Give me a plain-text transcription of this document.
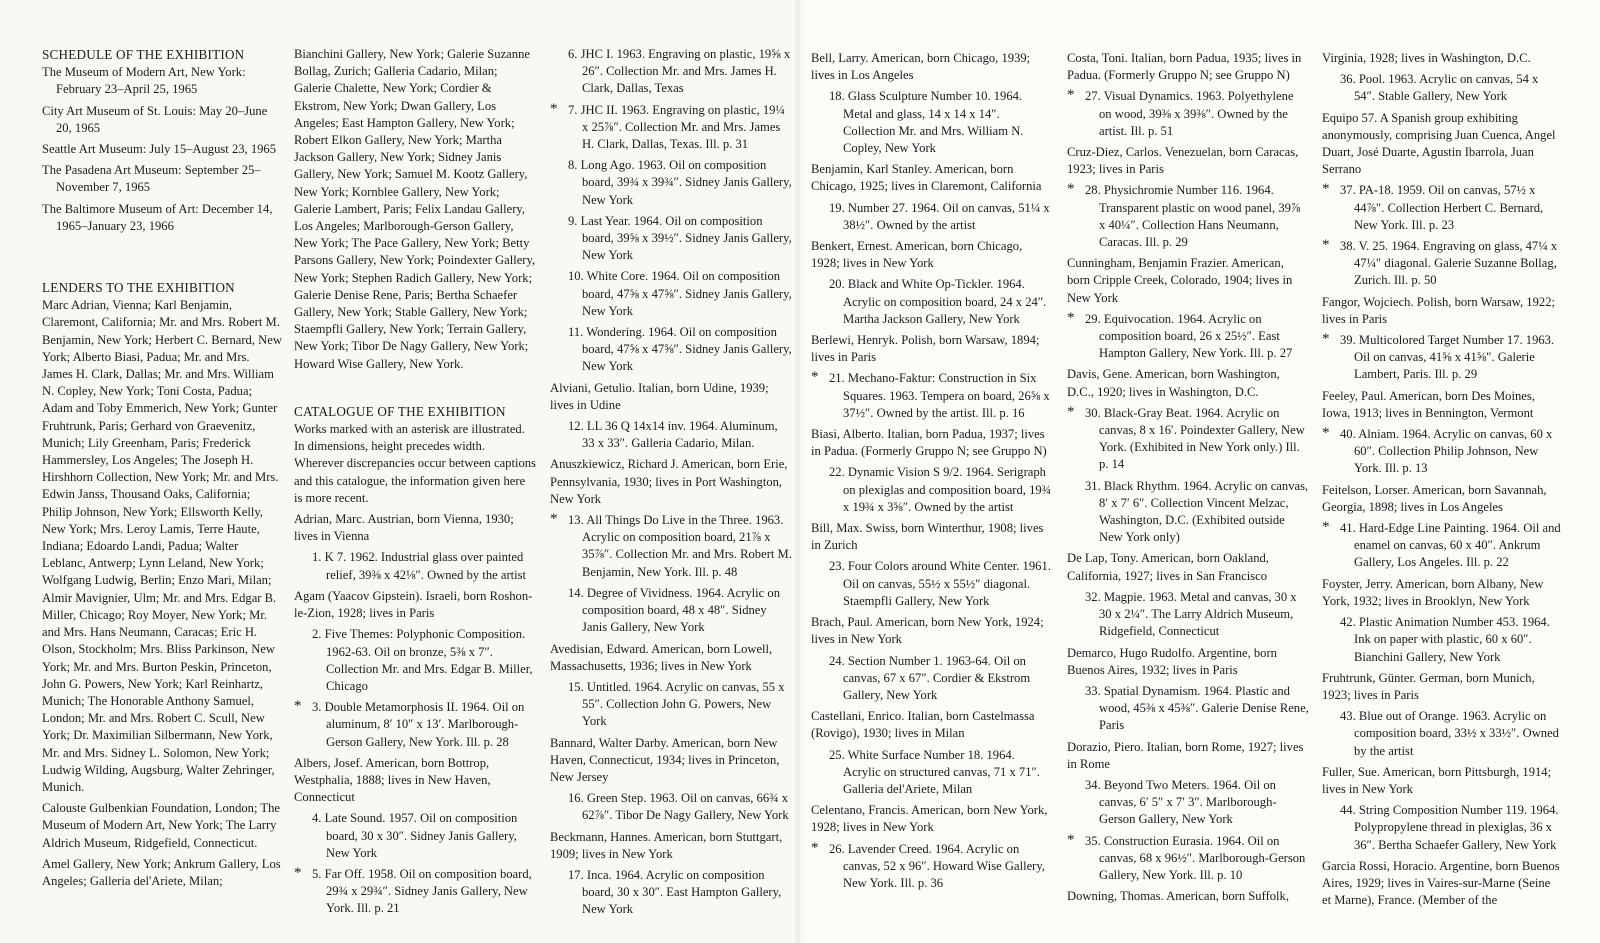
SCHEDULE OF THE EXHIBITION

The Museum of Modern Art, New York: February 23–April 25, 1965

City Art Museum of St. Louis: May 20–June 20, 1965

Seattle Art Museum: July 15–August 23, 1965

The Pasadena Art Museum: September 25–November 7, 1965

The Baltimore Museum of Art: December 14, 1965–January 23, 1966

LENDERS TO THE EXHIBITION

Marc Adrian, Vienna; Karl Benjamin, Claremont, California; Mr. and Mrs. Robert M. Benjamin, New York; Herbert C. Bernard, New York; Alberto Biasi, Padua; Mr. and Mrs. James H. Clark, Dallas; Mr. and Mrs. William N. Copley, New York; Toni Costa, Padua; Adam and Toby Emmerich, New York; Gunter Fruhtrunk, Paris; Gerhard von Graevenitz, Munich; Lily Greenham, Paris; Frederick Hammersley, Los Angeles; The Joseph H. Hirshhorn Collection, New York; Mr. and Mrs. Edwin Janss, Thousand Oaks, California; Philip Johnson, New York; Ellsworth Kelly, New York; Mrs. Leroy Lamis, Terre Haute, Indiana; Edoardo Landi, Padua; Walter Leblanc, Antwerp; Lynn Leland, New York; Wolfgang Ludwig, Berlin; Enzo Mari, Milan; Almir Mavignier, Ulm; Mr. and Mrs. Edgar B. Miller, Chicago; Roy Moyer, New York; Mr. and Mrs. Hans Neumann, Caracas; Eric H. Olson, Stockholm; Mrs. Bliss Parkinson, New York; Mr. and Mrs. Burton Peskin, Princeton, John G. Powers, New York; Karl Reinhartz, Munich; The Honorable Anthony Samuel, London; Mr. and Mrs. Robert C. Scull, New York; Dr. Maximilian Silbermann, New York, Mr. and Mrs. Sidney L. Solomon, New York; Ludwig Wilding, Augsburg, Walter Zehringer, Munich.

Calouste Gulbenkian Foundation, London; The Museum of Modern Art, New York; The Larry Aldrich Museum, Ridgefield, Connecticut.

Amel Gallery, New York; Ankrum Gallery, Los Angeles; Galleria del'Ariete, Milan;

Bianchini Gallery, New York; Galerie Suzanne Bollag, Zurich; Galleria Cadario, Milan; Galerie Chalette, New York; Cordier & Ekstrom, New York; Dwan Gallery, Los Angeles; East Hampton Gallery, New York; Robert Elkon Gallery, New York; Martha Jackson Gallery, New York; Sidney Janis Gallery, New York; Samuel M. Kootz Gallery, New York; Kornblee Gallery, New York; Galerie Lambert, Paris; Felix Landau Gallery, Los Angeles; Marlborough-Gerson Gallery, New York; The Pace Gallery, New York; Betty Parsons Gallery, New York; Poindexter Gallery, New York; Stephen Radich Gallery, New York; Galerie Denise Rene, Paris; Bertha Schaefer Gallery, New York; Stable Gallery, New York; Staempfli Gallery, New York; Terrain Gallery, New York; Tibor De Nagy Gallery, New York; Howard Wise Gallery, New York.

CATALOGUE OF THE EXHIBITION

Works marked with an asterisk are illustrated. In dimensions, height precedes width. Wherever discrepancies occur between captions and this catalogue, the information given here is more recent.

Adrian, Marc. Austrian, born Vienna, 1930; lives in Vienna

1. K 7. 1962. Industrial glass over painted relief, 39⅜ x 42⅛″. Owned by the artist

Agam (Yaacov Gipstein). Israeli, born Roshon-le-Zion, 1928; lives in Paris

2. Five Themes: Polyphonic Composition. 1962-63. Oil on bronze, 5⅜ x 7″. Collection Mr. and Mrs. Edgar B. Miller, Chicago

* 3. Double Metamorphosis II. 1964. Oil on aluminum, 8′ 10″ x 13′. Marlborough-Gerson Gallery, New York. Ill. p. 28

Albers, Josef. American, born Bottrop, Westphalia, 1888; lives in New Haven, Connecticut

4. Late Sound. 1957. Oil on composition board, 30 x 30″. Sidney Janis Gallery, New York

* 5. Far Off. 1958. Oil on composition board, 29¾ x 29¾″. Sidney Janis Gallery, New York. Ill. p. 21

6. JHC I. 1963. Engraving on plastic, 19⅝ x 26″. Collection Mr. and Mrs. James H. Clark, Dallas, Texas

* 7. JHC II. 1963. Engraving on plastic, 19¼ x 25⅞″. Collection Mr. and Mrs. James H. Clark, Dallas, Texas. Ill. p. 31

8. Long Ago. 1963. Oil on composition board, 39¾ x 39¾″. Sidney Janis Gallery, New York

9. Last Year. 1964. Oil on composition board, 39⅝ x 39½″. Sidney Janis Gallery, New York

10. White Core. 1964. Oil on composition board, 47⅝ x 47⅝″. Sidney Janis Gallery, New York

11. Wondering. 1964. Oil on composition board, 47⅝ x 47⅝″. Sidney Janis Gallery, New York

Alviani, Getulio. Italian, born Udine, 1939; lives in Udine

12. LL 36 Q 14x14 inv. 1964. Aluminum, 33 x 33″. Galleria Cadario, Milan.

Anuszkiewicz, Richard J. American, born Erie, Pennsylvania, 1930; lives in Port Washington, New York

* 13. All Things Do Live in the Three. 1963. Acrylic on composition board, 21⅞ x 35⅞″. Collection Mr. and Mrs. Robert M. Benjamin, New York. Ill. p. 48

14. Degree of Vividness. 1964. Acrylic on composition board, 48 x 48″. Sidney Janis Gallery, New York

Avedisian, Edward. American, born Lowell, Massachusetts, 1936; lives in New York

15. Untitled. 1964. Acrylic on canvas, 55 x 55″. Collection John G. Powers, New York

Bannard, Walter Darby. American, born New Haven, Connecticut, 1934; lives in Princeton, New Jersey

16. Green Step. 1963. Oil on canvas, 66¾ x 62⅞″. Tibor De Nagy Gallery, New York

Beckmann, Hannes. American, born Stuttgart, 1909; lives in New York

17. Inca. 1964. Acrylic on composition board, 30 x 30″. East Hampton Gallery, New York

Bell, Larry. American, born Chicago, 1939; lives in Los Angeles

18. Glass Sculpture Number 10. 1964. Metal and glass, 14 x 14 x 14″. Collection Mr. and Mrs. William N. Copley, New York

Benjamin, Karl Stanley. American, born Chicago, 1925; lives in Claremont, California

19. Number 27. 1964. Oil on canvas, 51¼ x 38½″. Owned by the artist

Benkert, Ernest. American, born Chicago, 1928; lives in New York

20. Black and White Op-Tickler. 1964. Acrylic on composition board, 24 x 24″. Martha Jackson Gallery, New York

Berlewi, Henryk. Polish, born Warsaw, 1894; lives in Paris

* 21. Mechano-Faktur: Construction in Six Squares. 1963. Tempera on board, 26⅝ x 37½″. Owned by the artist. Ill. p. 16

Biasi, Alberto. Italian, born Padua, 1937; lives in Padua. (Formerly Gruppo N; see Gruppo N)

22. Dynamic Vision S 9/2. 1964. Serigraph on plexiglas and composition board, 19¾ x 19¾ x 3⅝″. Owned by the artist

Bill, Max. Swiss, born Winterthur, 1908; lives in Zurich

23. Four Colors around White Center. 1961. Oil on canvas, 55½ x 55½″ diagonal. Staempfli Gallery, New York

Brach, Paul. American, born New York, 1924; lives in New York

24. Section Number 1. 1963-64. Oil on canvas, 67 x 67″. Cordier & Ekstrom Gallery, New York

Castellani, Enrico. Italian, born Castelmassa (Rovigo), 1930; lives in Milan

25. White Surface Number 18. 1964. Acrylic on structured canvas, 71 x 71″. Galleria del'Ariete, Milan

Celentano, Francis. American, born New York, 1928; lives in New York

* 26. Lavender Creed. 1964. Acrylic on canvas, 52 x 96″. Howard Wise Gallery, New York. Ill. p. 36

Costa, Toni. Italian, born Padua, 1935; lives in Padua. (Formerly Gruppo N; see Gruppo N)

* 27. Visual Dynamics. 1963. Polyethylene on wood, 39⅜ x 39⅜″. Owned by the artist. Ill. p. 51

Cruz-Diez, Carlos. Venezuelan, born Caracas, 1923; lives in Paris

* 28. Physichromie Number 116. 1964. Transparent plastic on wood panel, 39⅞ x 40¼″. Collection Hans Neumann, Caracas. Ill. p. 29

Cunningham, Benjamin Frazier. American, born Cripple Creek, Colorado, 1904; lives in New York

* 29. Equivocation. 1964. Acrylic on composition board, 26 x 25½″. East Hampton Gallery, New York. Ill. p. 27

Davis, Gene. American, born Washington, D.C., 1920; lives in Washington, D.C.

* 30. Black-Gray Beat. 1964. Acrylic on canvas, 8 x 16′. Poindexter Gallery, New York. (Exhibited in New York only.) Ill. p. 14

31. Black Rhythm. 1964. Acrylic on canvas, 8′ x 7′ 6″. Collection Vincent Melzac, Washington, D.C. (Exhibited outside New York only)

De Lap, Tony. American, born Oakland, California, 1927; lives in San Francisco

32. Magpie. 1963. Metal and canvas, 30 x 30 x 2¼″. The Larry Aldrich Museum, Ridgefield, Connecticut

Demarco, Hugo Rudolfo. Argentine, born Buenos Aires, 1932; lives in Paris

33. Spatial Dynamism. 1964. Plastic and wood, 45⅜ x 45⅜″. Galerie Denise Rene, Paris

Dorazio, Piero. Italian, born Rome, 1927; lives in Rome

34. Beyond Two Meters. 1964. Oil on canvas, 6′ 5″ x 7′ 3″. Marlborough-Gerson Gallery, New York

* 35. Construction Eurasia. 1964. Oil on canvas, 68 x 96½″. Marlborough-Gerson Gallery, New York. Ill. p. 10

Downing, Thomas. American, born Suffolk,

Virginia, 1928; lives in Washington, D.C.

36. Pool. 1963. Acrylic on canvas, 54 x 54″. Stable Gallery, New York

Equipo 57. A Spanish group exhibiting anonymously, comprising Juan Cuenca, Angel Duart, José Duarte, Agustin Ibarrola, Juan Serrano

* 37. PA-18. 1959. Oil on canvas, 57½ x 44⅞″. Collection Herbert C. Bernard, New York. Ill. p. 23

* 38. V. 25. 1964. Engraving on glass, 47¼ x 47¼″ diagonal. Galerie Suzanne Bollag, Zurich. Ill. p. 50

Fangor, Wojciech. Polish, born Warsaw, 1922; lives in Paris

* 39. Multicolored Target Number 17. 1963. Oil on canvas, 41⅝ x 41⅝″. Galerie Lambert, Paris. Ill. p. 29

Feeley, Paul. American, born Des Moines, Iowa, 1913; lives in Bennington, Vermont

* 40. Alniam. 1964. Acrylic on canvas, 60 x 60″. Collection Philip Johnson, New York. Ill. p. 13

Feitelson, Lorser. American, born Savannah, Georgia, 1898; lives in Los Angeles

* 41. Hard-Edge Line Painting. 1964. Oil and enamel on canvas, 60 x 40″. Ankrum Gallery, Los Angeles. Ill. p. 22

Foyster, Jerry. American, born Albany, New York, 1932; lives in Brooklyn, New York

42. Plastic Animation Number 453. 1964. Ink on paper with plastic, 60 x 60″. Bianchini Gallery, New York

Fruhtrunk, Günter. German, born Munich, 1923; lives in Paris

43. Blue out of Orange. 1963. Acrylic on composition board, 33½ x 33½″. Owned by the artist

Fuller, Sue. American, born Pittsburgh, 1914; lives in New York

44. String Composition Number 119. 1964. Polypropylene thread in plexiglas, 36 x 36″. Bertha Schaefer Gallery, New York

Garcia Rossi, Horacio. Argentine, born Buenos Aires, 1929; lives in Vaires-sur-Marne (Seine et Marne), France. (Member of the
